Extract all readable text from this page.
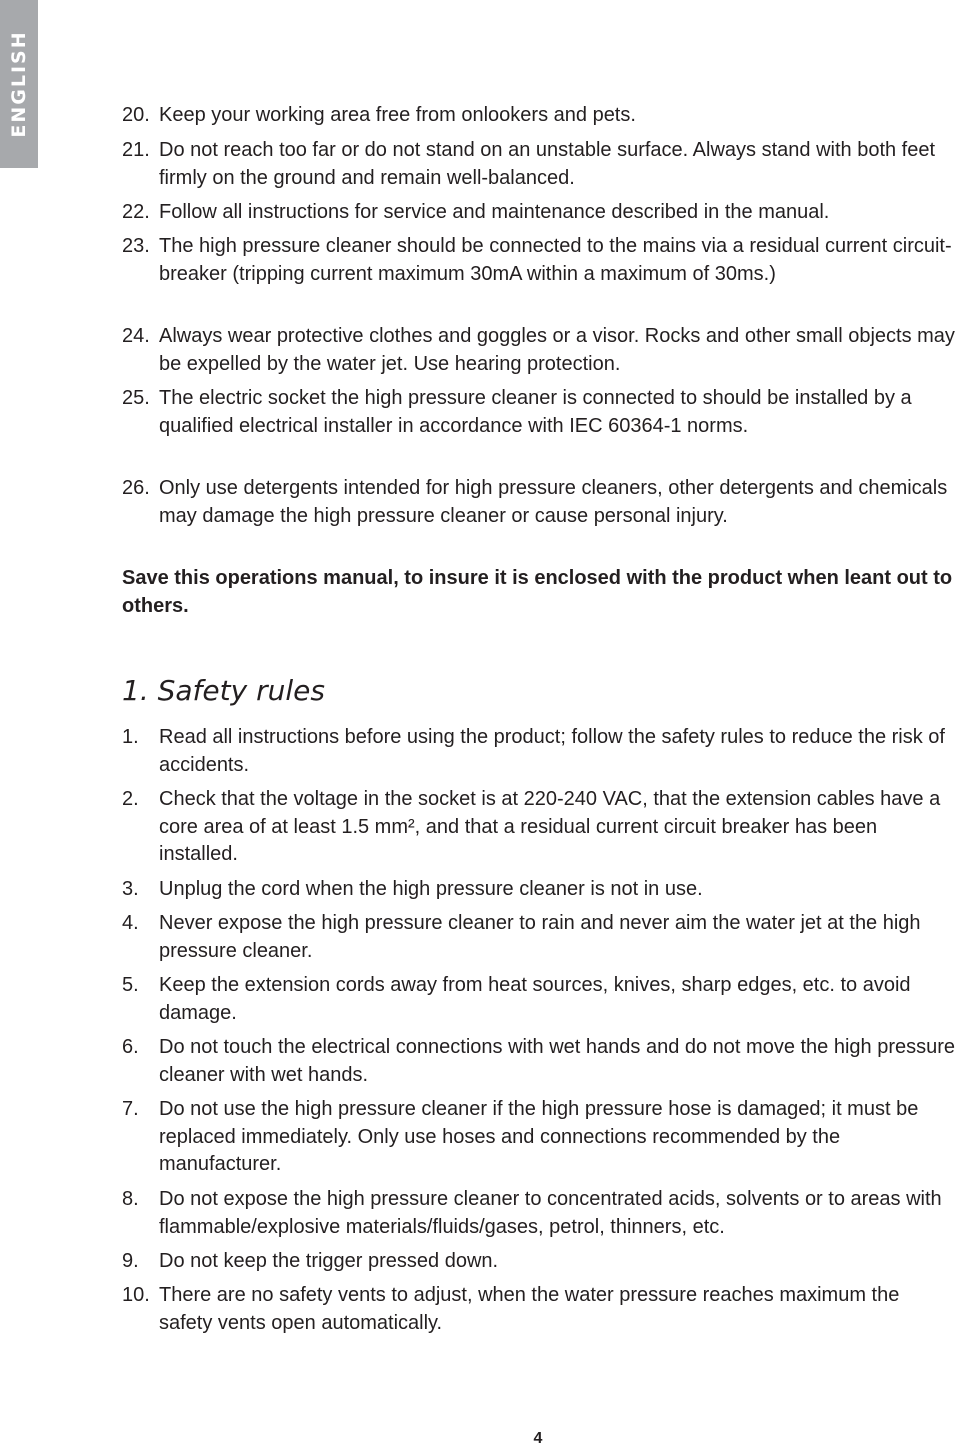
ENGLISH	20. Keep your working area free from onlookers and pets.
21. Do not reach too far or do not stand on an unstable surface. Always stand with both feet firmly on the ground and remain well-balanced.
22. Follow all instructions for service and maintenance described in the manual.
23. The high pressure cleaner should be connected to the mains via a residual current circuit-breaker (tripping current maximum 30mA within a maximum of 30ms.)
24. Always wear protective clothes and goggles or a visor. Rocks and other small objects may be expelled by the water jet. Use hearing protection.
25. The electric socket the high pressure cleaner is connected to should be installed by a qualified electrical installer in accordance with IEC 60364-1 norms.
26. Only use detergents intended for high pressure cleaners, other detergents and chemicals may damage the high pressure cleaner or cause personal injury.
Save this operations manual, to insure it is enclosed with the product when leant out to others.
1. Safety rules
1. Read all instructions before using the product; follow the safety rules to reduce the risk of accidents.
2. Check that the voltage in the socket is at 220-240 VAC, that the extension cables have a core area of at least 1.5 mm², and that a residual current circuit breaker has been installed.
3. Unplug the cord when the high pressure cleaner is not in use.
4. Never expose the high pressure cleaner to rain and never aim the water jet at the high pressure cleaner.
5. Keep the extension cords away from heat sources, knives, sharp edges, etc. to avoid damage.
6. Do not touch the electrical connections with wet hands and do not move the high pressure cleaner with wet hands.
7. Do not use the high pressure cleaner if the high pressure hose is damaged; it must be replaced immediately. Only use hoses and connections recommended by the manufacturer.
8. Do not expose the high pressure cleaner to concentrated acids, solvents or to areas with flammable/explosive materials/fluids/gases, petrol, thinners, etc.
9. Do not keep the trigger pressed down.
10. There are no safety vents to adjust, when the water pressure reaches maximum the safety vents open automatically.
4
